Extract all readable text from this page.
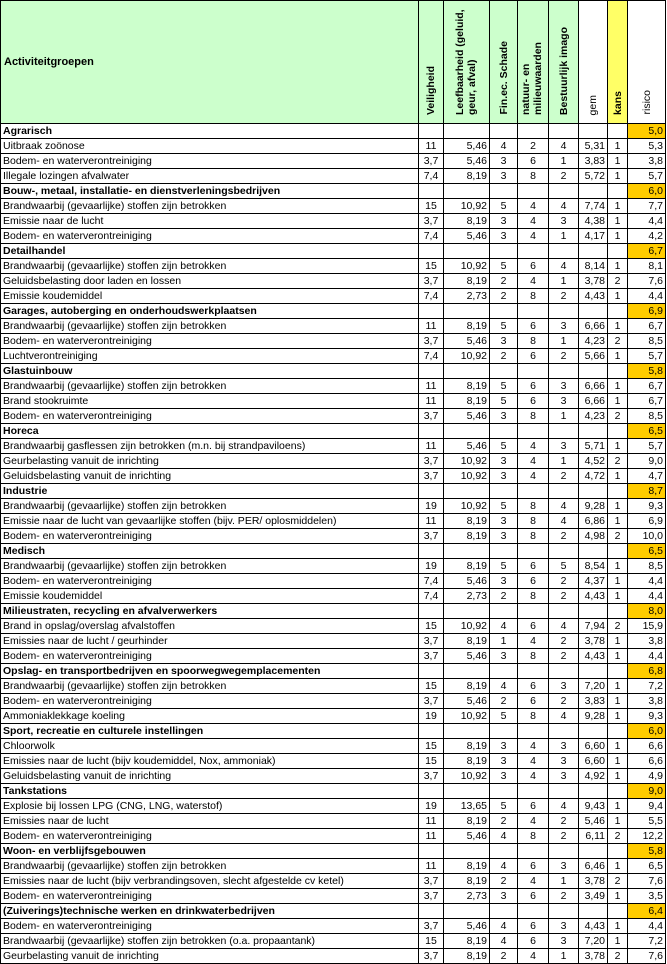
Activiteitgroepen	Veiligheid	Leefbaarheid (geluid, geur, afval)	Fin.ec. Schade	natuur- en milieuwaarden	Bestuurlijk imago	gem	kans	risico
Agrarisch								5,0
Uitbraak zoönose	11	5,46	4	2	4	5,31	1	5,3
Bodem- en waterverontreiniging	3,7	5,46	3	6	1	3,83	1	3,8
Illegale lozingen afvalwater	7,4	8,19	3	8	2	5,72	1	5,7
Bouw-, metaal, installatie- en dienstverleningsbedrijven								6,0
Brandwaarbij (gevaarlijke) stoffen zijn betrokken	15	10,92	5	4	4	7,74	1	7,7
Emissie naar de lucht	3,7	8,19	3	4	3	4,38	1	4,4
Bodem- en waterverontreiniging	7,4	5,46	3	4	1	4,17	1	4,2
Detailhandel								6,7
Brandwaarbij (gevaarlijke) stoffen zijn betrokken	15	10,92	5	6	4	8,14	1	8,1
Geluidsbelasting door laden en lossen	3,7	8,19	2	4	1	3,78	2	7,6
Emissie koudemiddel	7,4	2,73	2	8	2	4,43	1	4,4
Garages, autoberging en onderhoudswerkplaatsen								6,9
Brandwaarbij (gevaarlijke) stoffen zijn betrokken	11	8,19	5	6	3	6,66	1	6,7
Bodem- en waterverontreiniging	3,7	5,46	3	8	1	4,23	2	8,5
Luchtverontreiniging	7,4	10,92	2	6	2	5,66	1	5,7
Glastuinbouw								5,8
Brandwaarbij (gevaarlijke) stoffen zijn betrokken	11	8,19	5	6	3	6,66	1	6,7
Brand stookruimte	11	8,19	5	6	3	6,66	1	6,7
Bodem- en waterverontreiniging	3,7	5,46	3	8	1	4,23	2	8,5
Horeca								6,5
Brandwaarbij gasflessen zijn betrokken (m.n. bij strandpaviloens)	11	5,46	5	4	3	5,71	1	5,7
Geurbelasting vanuit de inrichting	3,7	10,92	3	4	1	4,52	2	9,0
Geluidsbelasting vanuit de inrichting	3,7	10,92	3	4	2	4,72	1	4,7
Industrie								8,7
Brandwaarbij (gevaarlijke) stoffen zijn betrokken	19	10,92	5	8	4	9,28	1	9,3
Emissie naar de lucht van gevaarlijke stoffen (bijv. PER/ oplosmiddelen)	11	8,19	3	8	4	6,86	1	6,9
Bodem- en waterverontreiniging	3,7	8,19	3	8	2	4,98	2	10,0
Medisch								6,5
Brandwaarbij (gevaarlijke) stoffen zijn betrokken	19	8,19	5	6	5	8,54	1	8,5
Bodem- en waterverontreiniging	7,4	5,46	3	6	2	4,37	1	4,4
Emissie koudemiddel	7,4	2,73	2	8	2	4,43	1	4,4
Milieustraten, recycling en afvalverwerkers								8,0
Brand in opslag/overslag afvalstoffen	15	10,92	4	6	4	7,94	2	15,9
Emissies naar de lucht / geurhinder	3,7	8,19	1	4	2	3,78	1	3,8
Bodem- en waterverontreiniging	3,7	5,46	3	8	2	4,43	1	4,4
Opslag- en transportbedrijven en spoorwegwegemplacementen								6,8
Brandwaarbij (gevaarlijke) stoffen zijn betrokken	15	8,19	4	6	3	7,20	1	7,2
Bodem- en waterverontreiniging	3,7	5,46	2	6	2	3,83	1	3,8
Ammoniaklekkage koeling	19	10,92	5	8	4	9,28	1	9,3
Sport, recreatie en culturele instellingen								6,0
Chloorwolk	15	8,19	3	4	3	6,60	1	6,6
Emissies naar de lucht (bijv koudemiddel, Nox, ammoniak)	15	8,19	3	4	3	6,60	1	6,6
Geluidsbelasting vanuit de inrichting	3,7	10,92	3	4	3	4,92	1	4,9
Tankstations								9,0
Explosie bij lossen LPG (CNG, LNG, waterstof)	19	13,65	5	6	4	9,43	1	9,4
Emissies naar de lucht	11	8,19	2	4	2	5,46	1	5,5
Bodem- en waterverontreiniging	11	5,46	4	8	2	6,11	2	12,2
Woon- en verblijfsgebouwen								5,8
Brandwaarbij (gevaarlijke) stoffen zijn betrokken	11	8,19	4	6	3	6,46	1	6,5
Emissies naar de lucht (bijv verbrandingsoven, slecht afgestelde cv ketel)	3,7	8,19	2	4	1	3,78	2	7,6
Bodem- en waterverontreiniging	3,7	2,73	3	6	2	3,49	1	3,5
(Zuiverings)technische werken en drinkwaterbedrijven								6,4
Bodem- en waterverontreiniging	3,7	5,46	4	6	3	4,43	1	4,4
Brandwaarbij (gevaarlijke) stoffen zijn betrokken (o.a. propaantank)	15	8,19	4	6	3	7,20	1	7,2
Geurbelasting vanuit de inrichting	3,7	8,19	2	4	1	3,78	2	7,6
